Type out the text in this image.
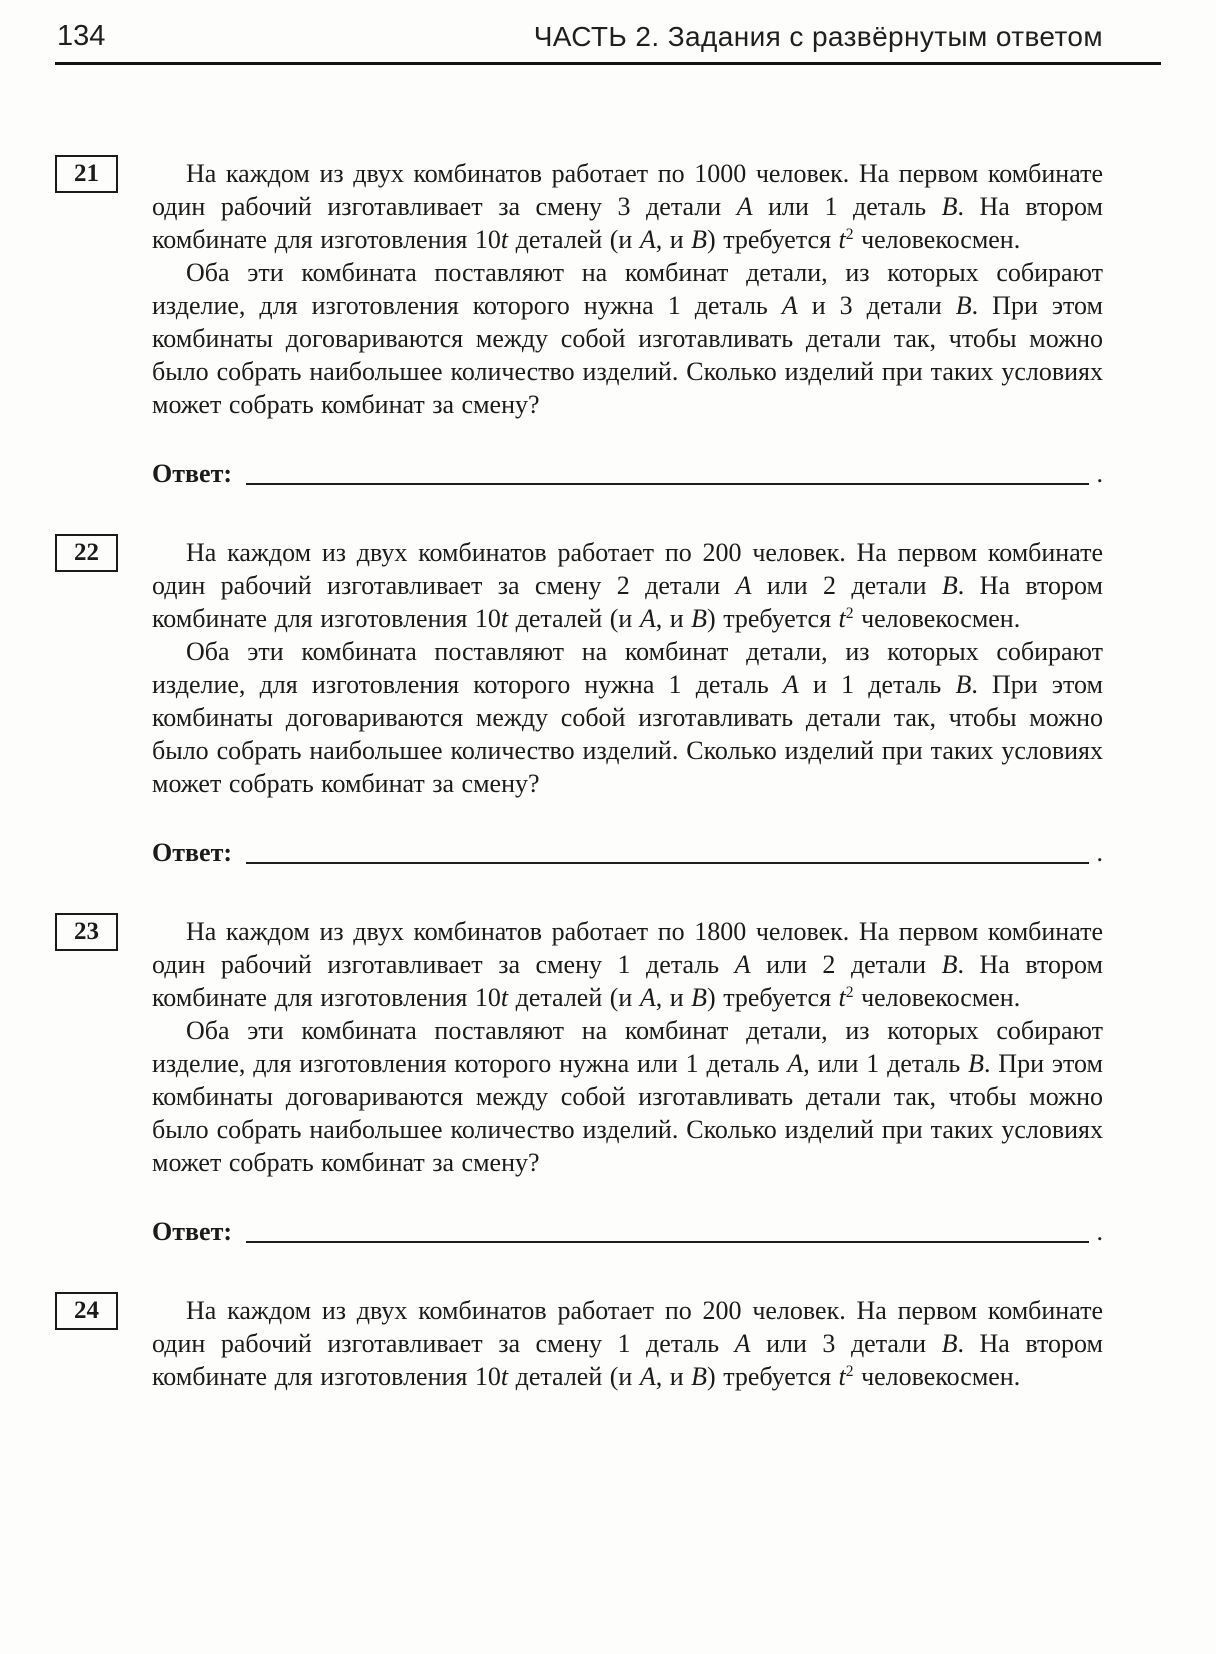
134	ЧАСТЬ 2. Задания с развёрнутым ответом
21	На каждом из двух комбинатов работает по 1000 человек. На первом комбинате один рабочий изготавливает за смену 3 детали A или 1 деталь B. На втором комбинате для изготовления 10t деталей (и A, и B) требуется $t^2$ человекосмен.

Оба эти комбината поставляют на комбинат детали, из которых собирают изделие, для изготовления которого нужна 1 деталь A и 3 детали B. При этом комбинаты договариваются между собой изготавливать детали так, чтобы можно было собрать наибольшее количество изделий. Сколько изделий при таких условиях может собрать комбинат за смену?

Ответ:	.
22	На каждом из двух комбинатов работает по 200 человек. На первом комбинате один рабочий изготавливает за смену 2 детали A или 2 детали B. На втором комбинате для изготовления 10t деталей (и A, и B) требуется $t^2$ человекосмен.

Оба эти комбината поставляют на комбинат детали, из которых собирают изделие, для изготовления которого нужна 1 деталь A и 1 деталь B. При этом комбинаты договариваются между собой изготавливать детали так, чтобы можно было собрать наибольшее количество изделий. Сколько изделий при таких условиях может собрать комбинат за смену?

Ответ:	.
23	На каждом из двух комбинатов работает по 1800 человек. На первом комбинате один рабочий изготавливает за смену 1 деталь A или 2 детали B. На втором комбинате для изготовления 10t деталей (и A, и B) требуется $t^2$ человекосмен.

Оба эти комбината поставляют на комбинат детали, из которых собирают изделие, для изготовления которого нужна или 1 деталь A, или 1 деталь B. При этом комбинаты договариваются между собой изготавливать детали так, чтобы можно было собрать наибольшее количество изделий. Сколько изделий при таких условиях может собрать комбинат за смену?

Ответ:	.
24	На каждом из двух комбинатов работает по 200 человек. На первом комбинате один рабочий изготавливает за смену 1 деталь A или 3 детали B. На втором комбинате для изготовления 10t деталей (и A, и B) требуется $t^2$ человекосмен.
